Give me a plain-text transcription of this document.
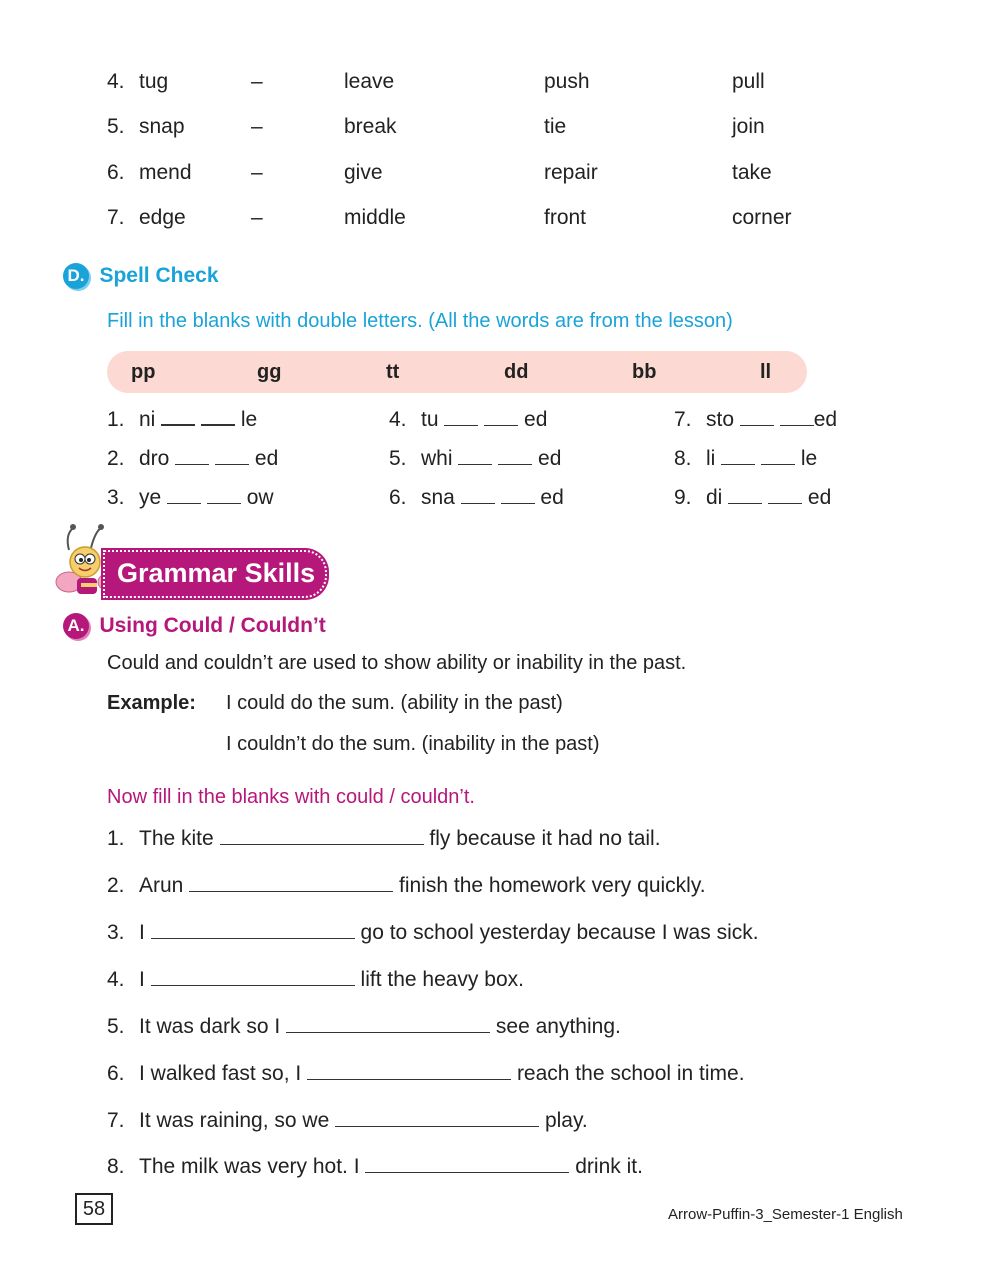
4. tug	–	leave	push	pull
5. snap	–	break	tie	join
6. mend	–	give	repair	take
7. edge	–	middle	front	corner
D. Spell Check
Fill in the blanks with double letters. (All the words are from the lesson)
pp	gg	tt	dd	bb	ll
1. ni	le
2. dro	ed
3. ye	ow
4. tu	ed
5. whi	ed
6. sna	ed
7. sto	ed
8. li	le
9. di	ed
Grammar Skills
A. Using Could / Couldn’t
Could and couldn’t are used to show ability or inability in the past.
Example: I could do the sum. (ability in the past)
I couldn’t do the sum. (inability in the past)
Now fill in the blanks with could / couldn’t.
1. The kite	fly because it had no tail.
2. Arun	finish the homework very quickly.
3. I	go to school yesterday because I was sick.
4. I	lift the heavy box.
5. It was dark so I	see anything.
6. I walked fast so, I	reach the school in time.
7. It was raining, so we	play.
8. The milk was very hot. I	drink it.
58	Arrow-Puffin-3_Semester-1 English
